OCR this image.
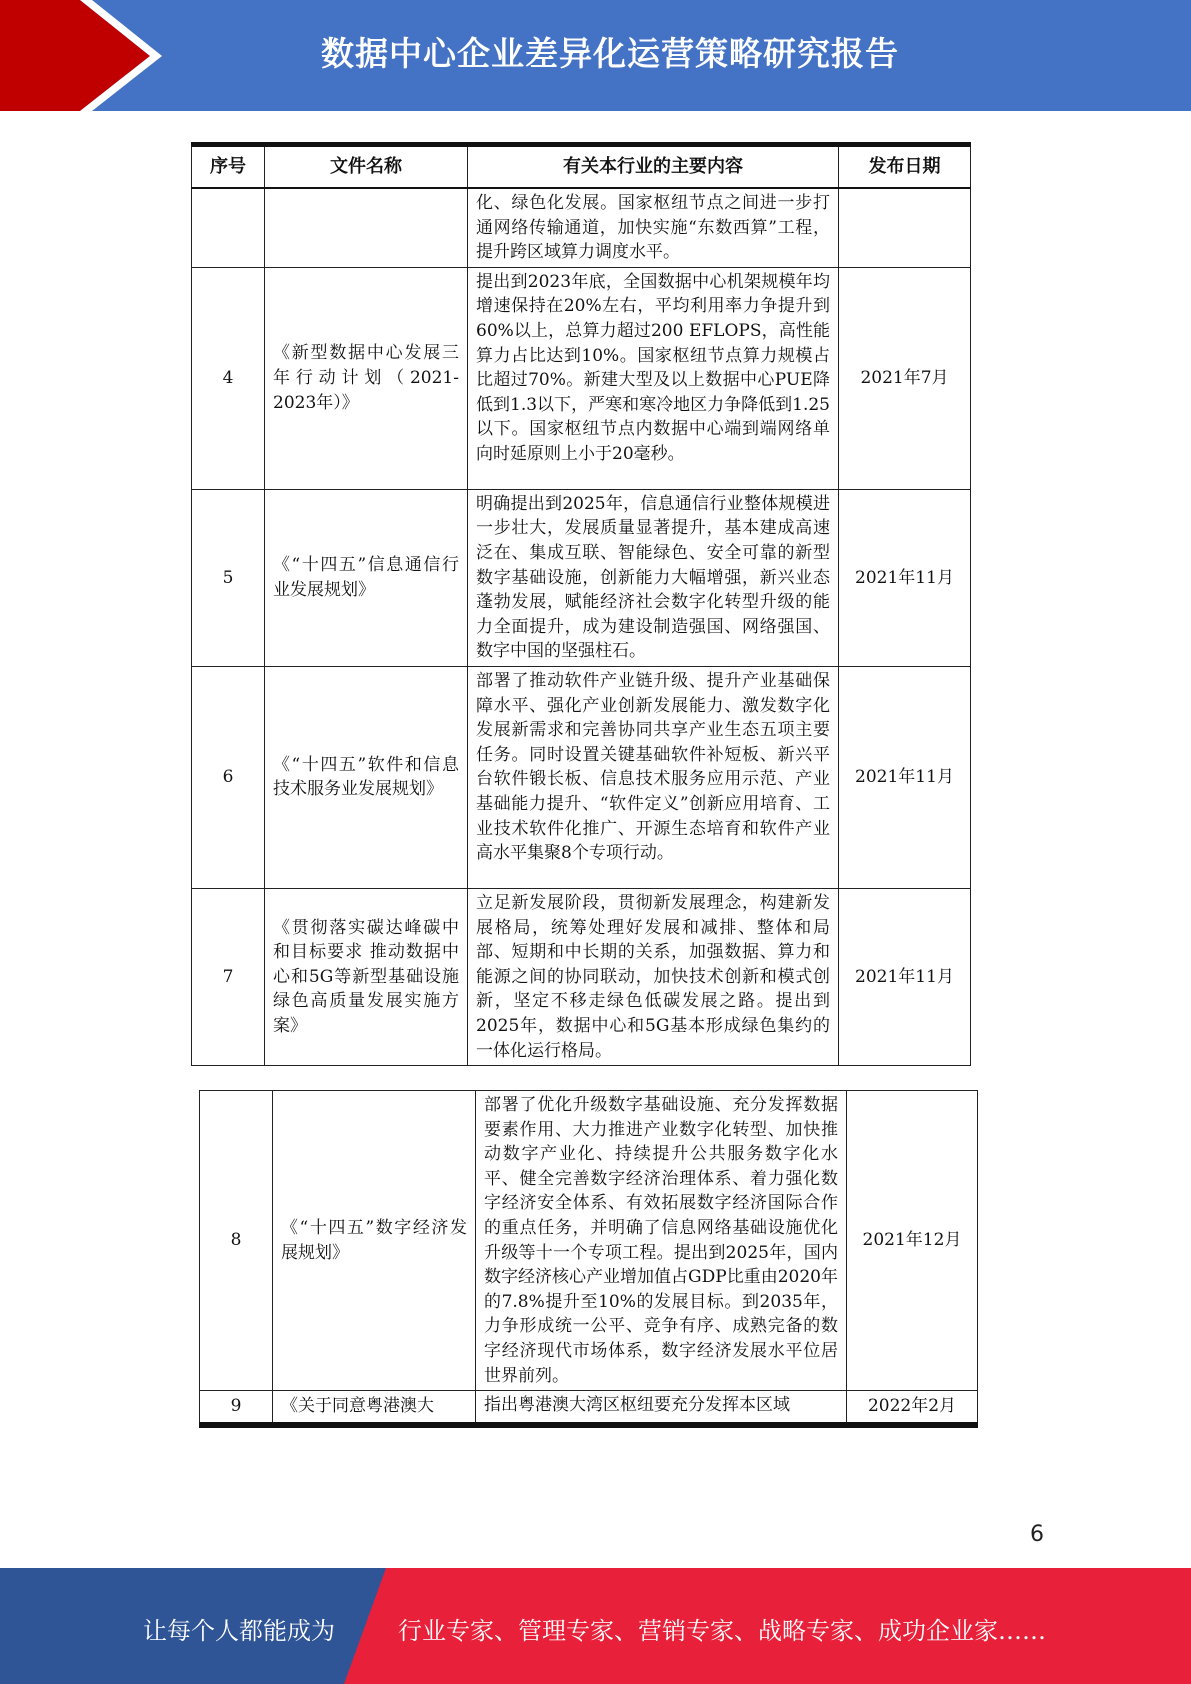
数据中心企业差异化运营策略研究报告
序号	文件名称	有关本行业的主要内容	发布日期
		化、绿色化发展。国家枢纽节点之间进一步打通网络传输通道，加快实施“东数西算”工程，提升跨区域算力调度水平。	
4	《新型数据中心发展三年行动计划（2021-2023年）》	提出到2023年底，全国数据中心机架规模年均增速保持在20%左右，平均利用率力争提升到60%以上，总算力超过200 EFLOPS，高性能算力占比达到10%。国家枢纽节点算力规模占比超过70%。新建大型及以上数据中心PUE降低到1.3以下，严寒和寒冷地区力争降低到1.25以下。国家枢纽节点内数据中心端到端网络单向时延原则上小于20毫秒。	2021年7月
5	《“十四五”信息通信行业发展规划》	明确提出到2025年，信息通信行业整体规模进一步壮大，发展质量显著提升，基本建成高速泛在、集成互联、智能绿色、安全可靠的新型数字基础设施，创新能力大幅增强，新兴业态蓬勃发展，赋能经济社会数字化转型升级的能力全面提升，成为建设制造强国、网络强国、数字中国的坚强柱石。	2021年11月
6	《“十四五”软件和信息技术服务业发展规划》	部署了推动软件产业链升级、提升产业基础保障水平、强化产业创新发展能力、激发数字化发展新需求和完善协同共享产业生态五项主要任务。同时设置关键基础软件补短板、新兴平台软件锻长板、信息技术服务应用示范、产业基础能力提升、“软件定义”创新应用培育、工业技术软件化推广、开源生态培育和软件产业高水平集聚8个专项行动。	2021年11月
7	《贯彻落实碳达峰碳中和目标要求 推动数据中心和5G等新型基础设施绿色高质量发展实施方案》	立足新发展阶段，贯彻新发展理念，构建新发展格局，统筹处理好发展和减排、整体和局部、短期和中长期的关系，加强数据、算力和能源之间的协同联动，加快技术创新和模式创新，坚定不移走绿色低碳发展之路。提出到2025年，数据中心和5G基本形成绿色集约的一体化运行格局。	2021年11月
8	《“十四五”数字经济发展规划》	部署了优化升级数字基础设施、充分发挥数据要素作用、大力推进产业数字化转型、加快推动数字产业化、持续提升公共服务数字化水平、健全完善数字经济治理体系、着力强化数字经济安全体系、有效拓展数字经济国际合作的重点任务，并明确了信息网络基础设施优化升级等十一个专项工程。提出到2025年，国内数字经济核心产业增加值占GDP比重由2020年的7.8%提升至10%的发展目标。到2035年，力争形成统一公平、竞争有序、成熟完备的数字经济现代市场体系，数字经济发展水平位居世界前列。	2021年12月
9	《关于同意粤港澳大	指出粤港澳大湾区枢纽要充分发挥本区域	2022年2月
6
让每个人都能成为	行业专家、管理专家、营销专家、战略专家、成功企业家……
